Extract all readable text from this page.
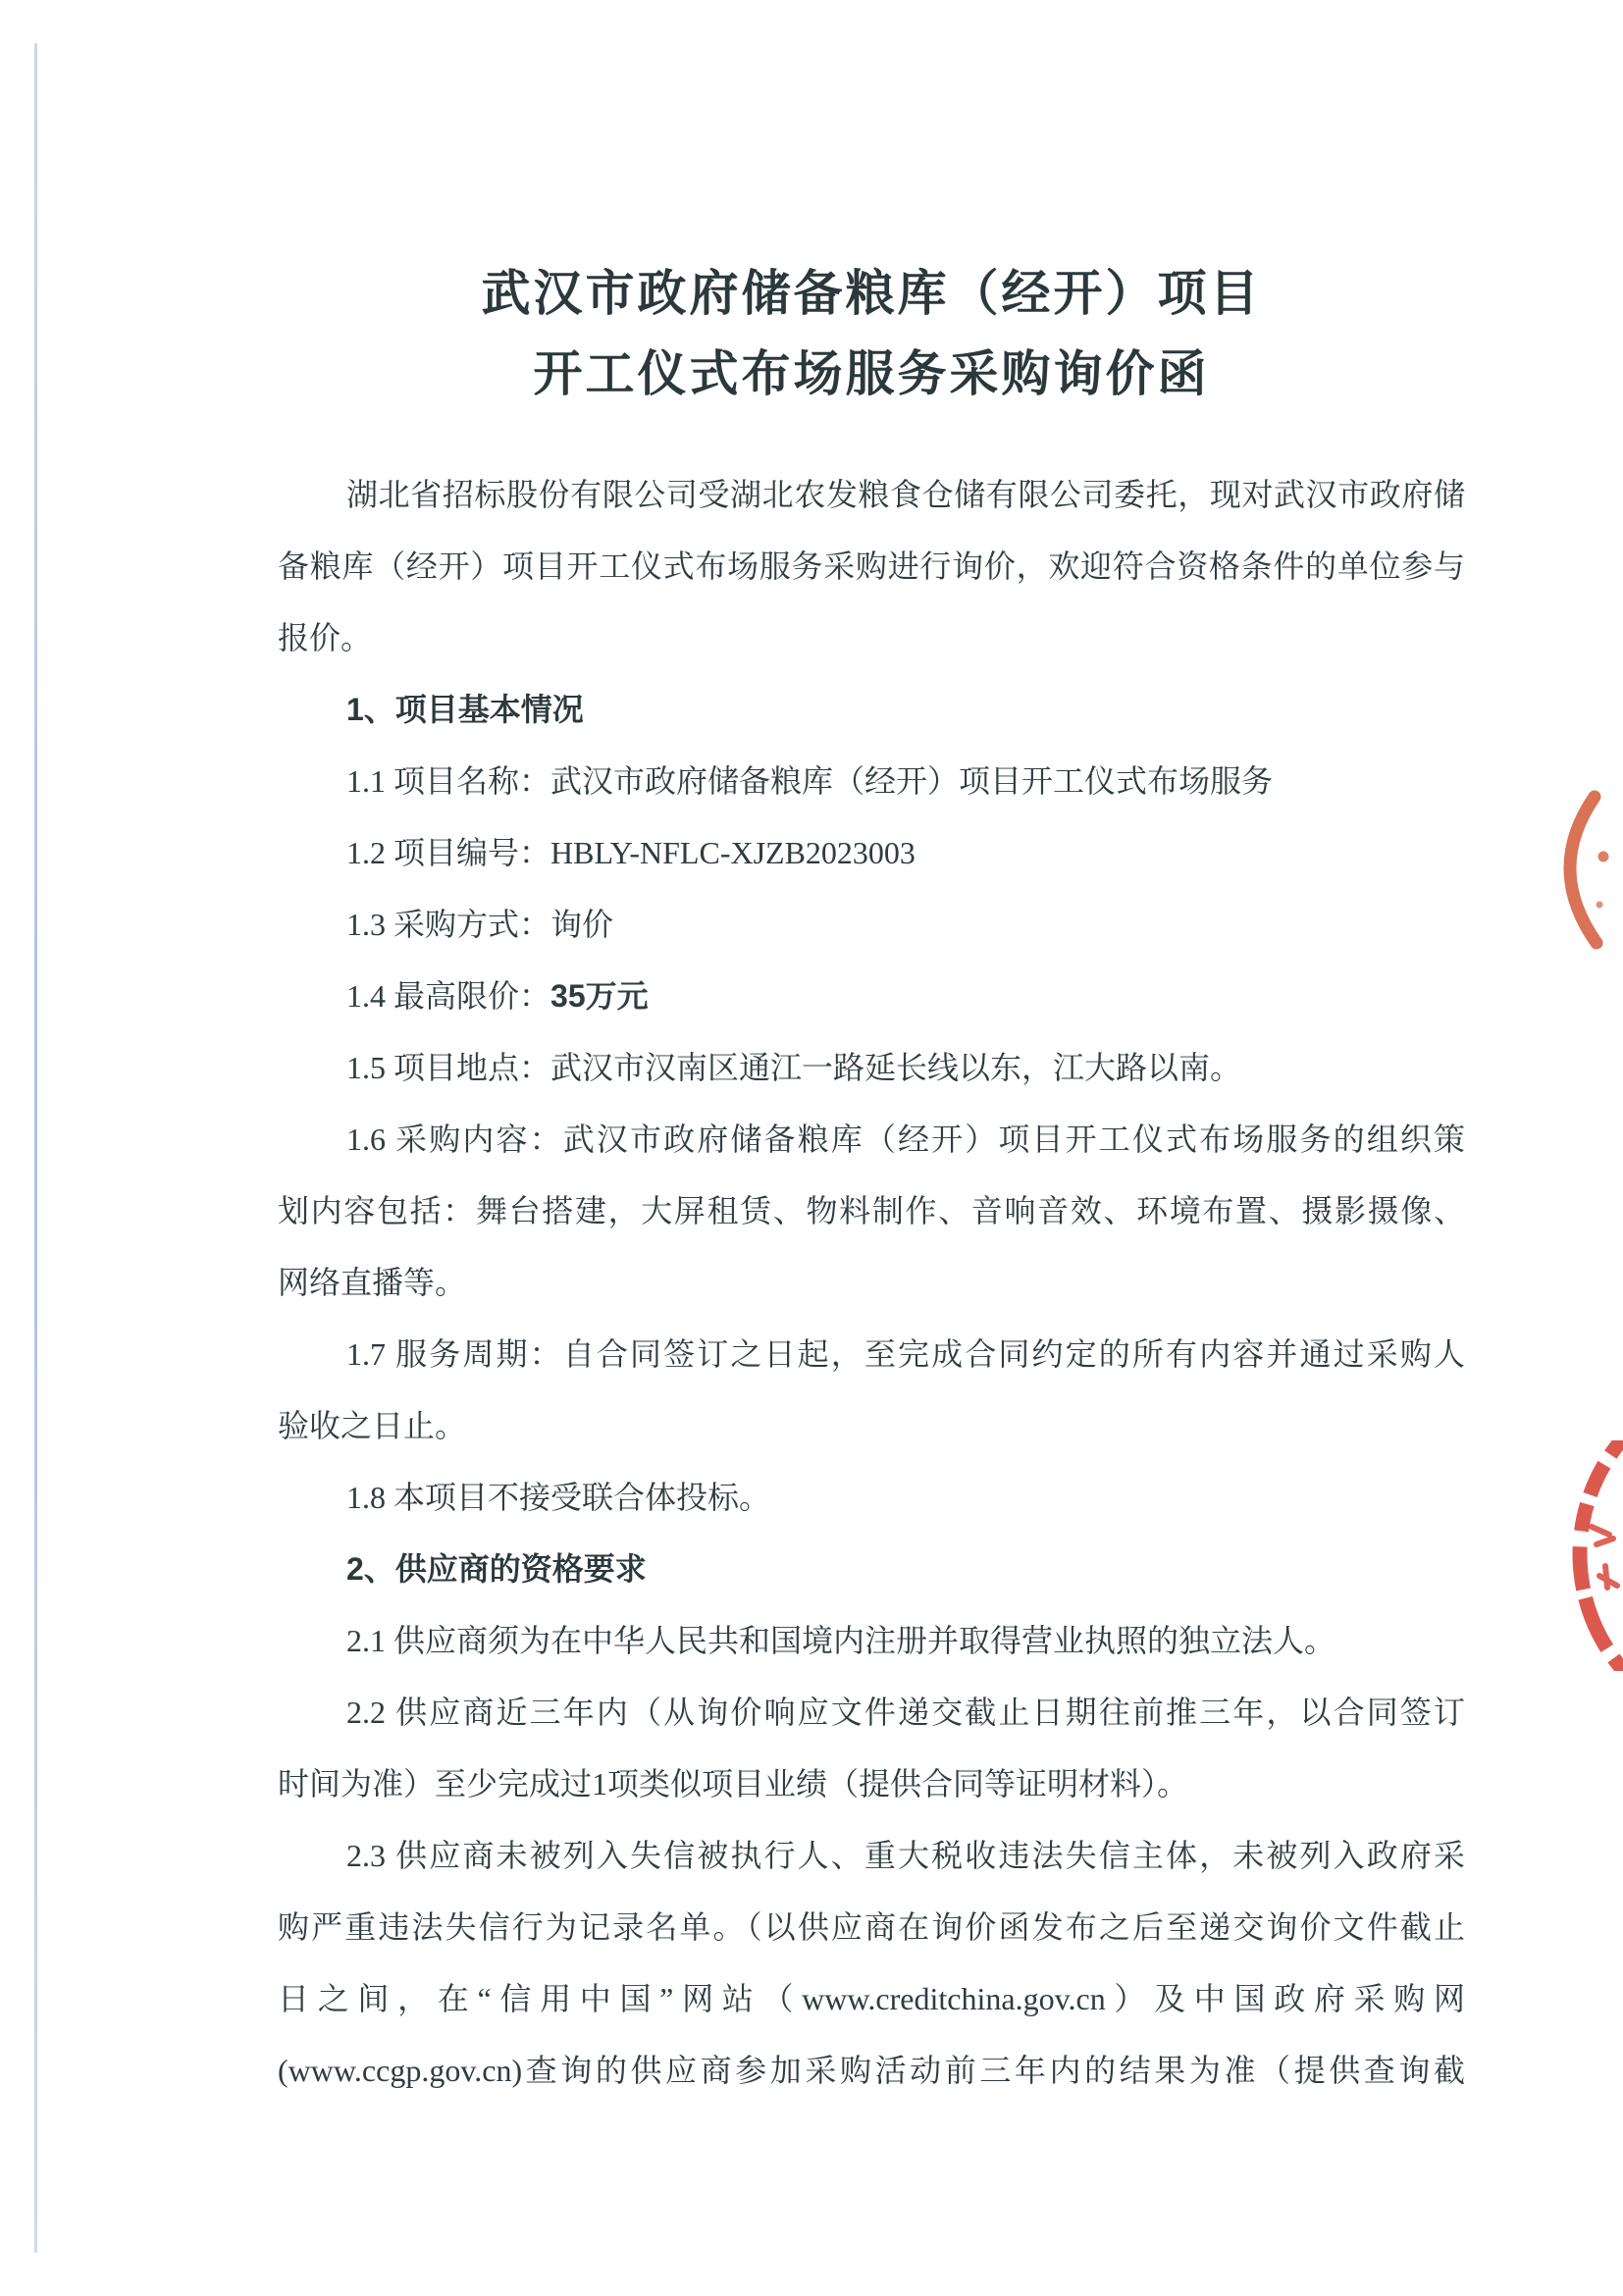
武汉市政府储备粮库（经开）项目
开工仪式布场服务采购询价函
湖北省招标股份有限公司受湖北农发粮食仓储有限公司委托，现对武汉市政府储
备粮库（经开）项目开工仪式布场服务采购进行询价，欢迎符合资格条件的单位参与
报价。
1、项目基本情况
1.1 项目名称：武汉市政府储备粮库（经开）项目开工仪式布场服务
1.2 项目编号：HBLY-NFLC-XJZB2023003
1.3 采购方式：询价
1.4 最高限价：35万元
1.5 项目地点：武汉市汉南区通江一路延长线以东，江大路以南。
1.6 采购内容：武汉市政府储备粮库（经开）项目开工仪式布场服务的组织策
划内容包括：舞台搭建，大屏租赁、物料制作、音响音效、环境布置、摄影摄像、
网络直播等。
1.7 服务周期：自合同签订之日起，至完成合同约定的所有内容并通过采购人
验收之日止。
1.8 本项目不接受联合体投标。
2、供应商的资格要求
2.1 供应商须为在中华人民共和国境内注册并取得营业执照的独立法人。
2.2 供应商近三年内（从询价响应文件递交截止日期往前推三年，以合同签订
时间为准）至少完成过1项类似项目业绩（提供合同等证明材料）。
2.3 供应商未被列入失信被执行人、重大税收违法失信主体，未被列入政府采
购严重违法失信行为记录名单。（以供应商在询价函发布之后至递交询价文件截止
日之间，在“信用中国”网站（www.creditchina.gov.cn）及中国政府采购网
(www.ccgp.gov.cn)查询的供应商参加采购活动前三年内的结果为准（提供查询截
